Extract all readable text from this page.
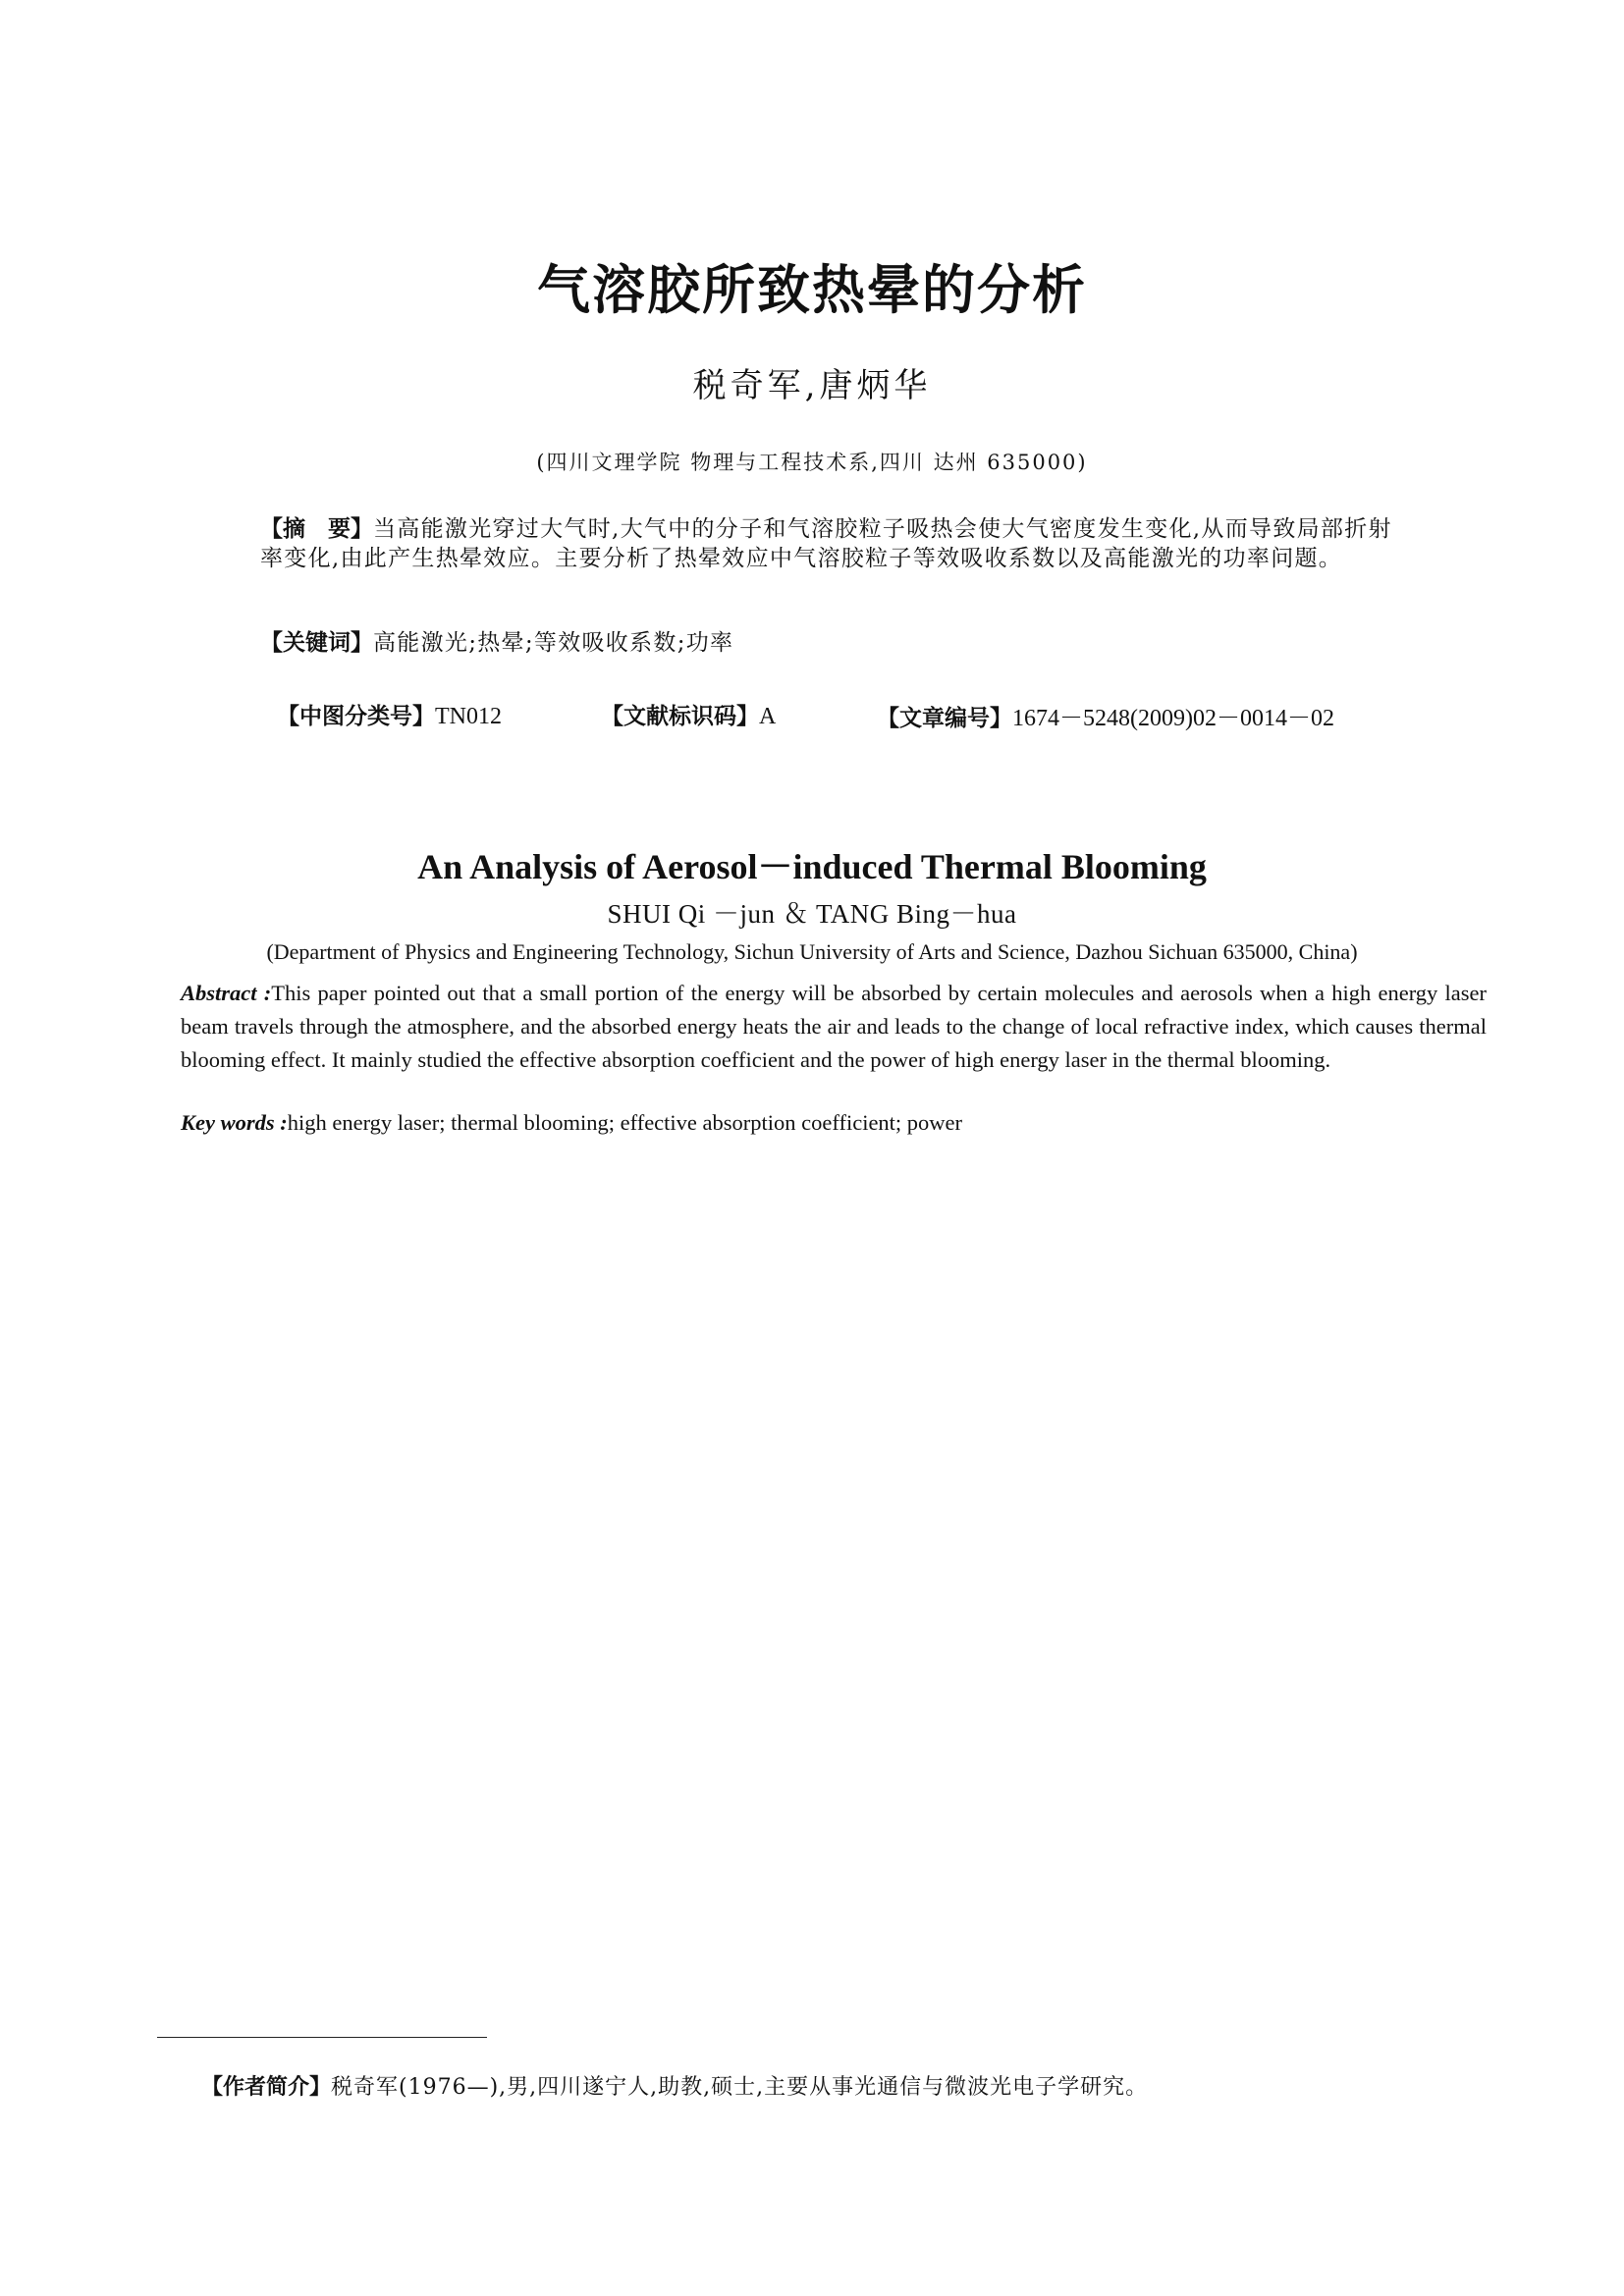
气溶胶所致热晕的分析
税奇军,唐炳华
(四川文理学院 物理与工程技术系,四川 达州 635000)
【摘　要】当高能激光穿过大气时,大气中的分子和气溶胶粒子吸热会使大气密度发生变化,从而导致局部折射率变化,由此产生热晕效应。主要分析了热晕效应中气溶胶粒子等效吸收系数以及高能激光的功率问题。
【关键词】高能激光;热晕;等效吸收系数;功率
【中图分类号】TN012	【文献标识码】A	【文章编号】1674－5248(2009)02－0014－02
An Analysis of Aerosol－induced Thermal Blooming
SHUI Qi －jun ＆ TANG Bing－hua
(Department of Physics and Engineering Technology, Sichun University of Arts and Science, Dazhou Sichuan 635000, China)
Abstract :This paper pointed out that a small portion of the energy will be absorbed by certain molecules and aerosols when a high energy laser beam travels through the atmosphere, and the absorbed energy heats the air and leads to the change of local refractive index, which causes thermal blooming effect. It mainly studied the effective absorption coefficient and the power of high energy laser in the thermal blooming.
Key words :high energy laser; thermal blooming; effective absorption coefficient; power
【作者简介】税奇军(1976—),男,四川遂宁人,助教,硕士,主要从事光通信与微波光电子学研究。
